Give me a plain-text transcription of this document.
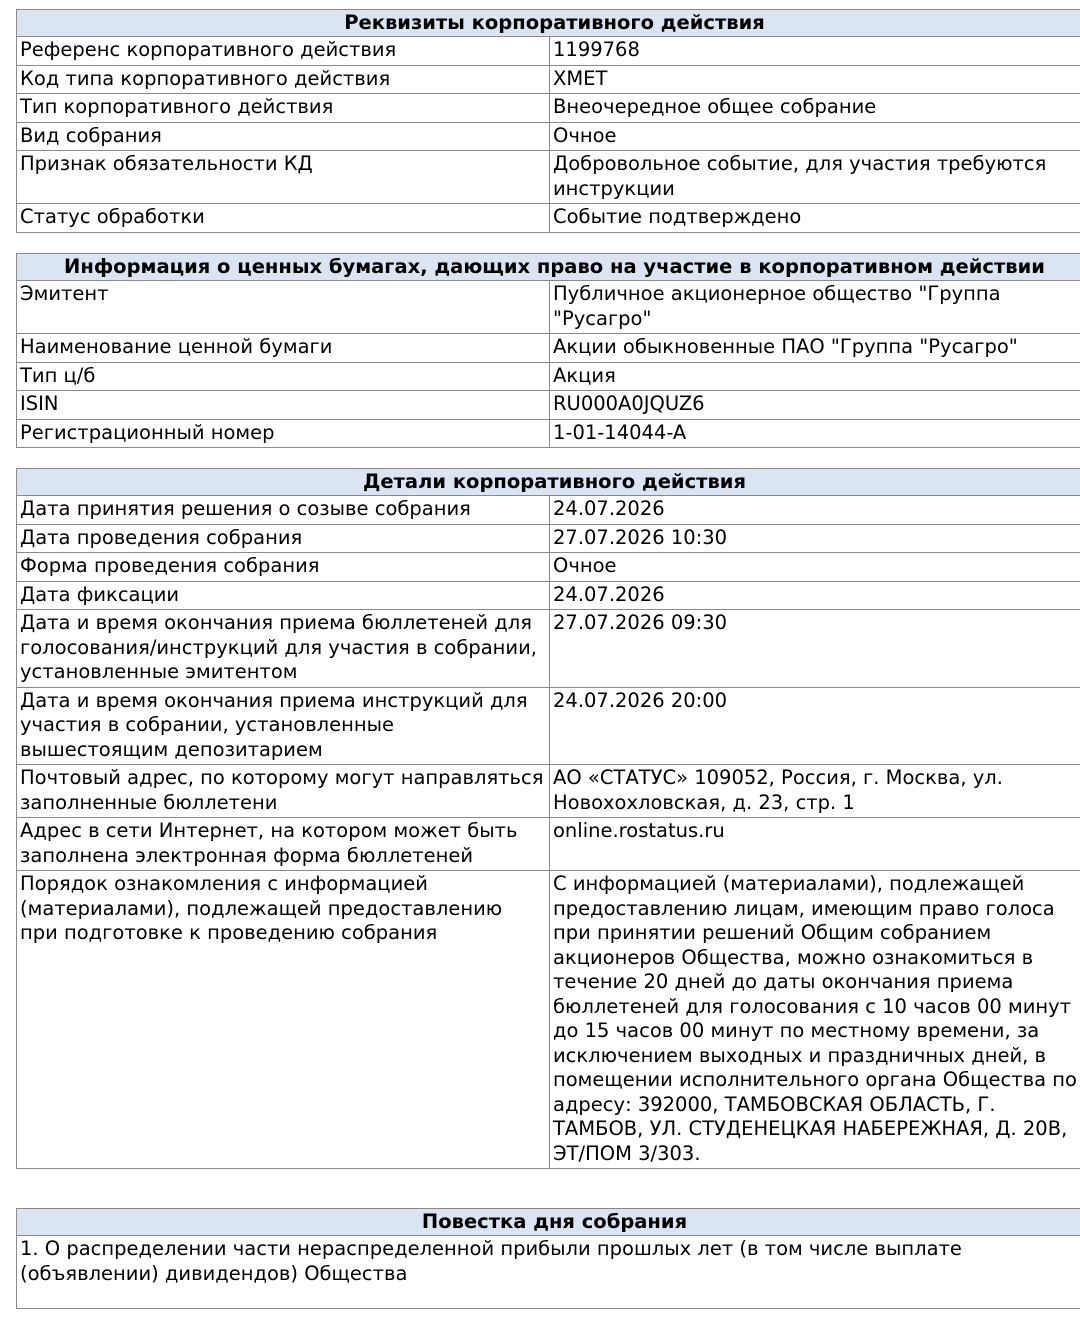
Реквизиты корпоративного действия
Референс корпоративного действия	1199768
Код типа корпоративного действия	XMET
Тип корпоративного действия	Внеочередное общее собрание
Вид собрания	Очное
Признак обязательности КД	Добровольное событие, для участия требуются инструкции
Статус обработки	Событие подтверждено
Информация о ценных бумагах, дающих право на участие в корпоративном действии
Эмитент	Публичное акционерное общество "Группа "Русагро"
Наименование ценной бумаги	Акции обыкновенные ПАО "Группа "Русагро"
Тип ц/б	Акция
ISIN	RU000A0JQUZ6
Регистрационный номер	1-01-14044-A
Детали корпоративного действия
Дата принятия решения о созыве собрания	24.07.2026
Дата проведения собрания	27.07.2026 10:30
Форма проведения собрания	Очное
Дата фиксации	24.07.2026
Дата и время окончания приема бюллетеней для голосования/инструкций для участия в собрании, установленные эмитентом	27.07.2026 09:30
Дата и время окончания приема инструкций для участия в собрании, установленные вышестоящим депозитарием	24.07.2026 20:00
Почтовый адрес, по которому могут направляться заполненные бюллетени	АО «СТАТУС» 109052, Россия, г. Москва, ул. Новохохловская, д. 23, стр. 1
Адрес в сети Интернет, на котором может быть заполнена электронная форма бюллетеней	online.rostatus.ru
Порядок ознакомления с информацией (материалами), подлежащей предоставлению при подготовке к проведению собрания	С информацией (материалами), подлежащей предоставлению лицам, имеющим право голоса при принятии решений Общим собранием акционеров Общества, можно ознакомиться в течение 20 дней до даты окончания приема бюллетеней для голосования с 10 часов 00 минут до 15 часов 00 минут по местному времени, за исключением выходных и праздничных дней, в помещении исполнительного органа Общества по адресу: 392000, ТАМБОВСКАЯ ОБЛАСТЬ, Г. ТАМБОВ, УЛ. СТУДЕНЕЦКАЯ НАБЕРЕЖНАЯ, Д. 20В, ЭТ/ПОМ 3/303.
Повестка дня собрания
1. О распределении части нераспределенной прибыли прошлых лет (в том числе выплате (объявлении) дивидендов) Общества
